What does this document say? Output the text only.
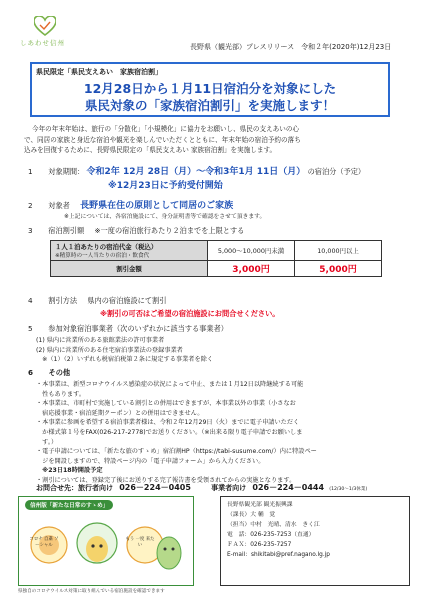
しあわせ信州	長野県（観光部）プレスリリース　令和２年(2020年)12月23日
県民限定「県民支えあい　家族宿泊割」
12月28日から１月11日宿泊分を対象にした
県民対象の「家族宿泊割引」を実施します！

今年の年末年始は、旅行の「分散化」「小規模化」に協力をお願いし、県民の支えあいの心

で、同居の家族と身近な宿泊や観光を楽しんでいただくとともに、年末年始の宿泊予約の落ち

込みを回復するために、長野県民限定の「県民支えあい 家族宿泊割」を実施します。

1 対象期間： 令和2年 12月 28日（月）～令和3年1月 11日（月） の宿泊分（予定）
※12月23日に予約受付開始
2 対象者 長野県在住の原則として同居のご家族
※上記については、各宿泊施設にて、身分証明書等で確認をさせて頂きます。
3 宿泊割引額 ※一度の宿泊旅行あたり２泊までを上限とする
１人１泊あたりの宿泊代金（税込）
※精算時の一人当たりの宿泊・飲食代	5,000～10,000円未満	10,000円以上
割引金額	3,000円	5,000円
4 割引方法 県内の宿泊施設にて割引
※割引の可否はご希望の宿泊施設にお問合せください。
5 参加対象宿泊事業者（次のいずれかに該当する事業者）
(1) 県内に営業所のある旅館業法の許可事業者
(2) 県内に営業所のある住宅宿泊事業法の登録事業者
　※（1）（2）いずれも税宿泊税第２条に規定する事業者を除く
6 その他
・本事業は、新型コロナウイルス感染症の状況によって中止、または１月12日以降継続する可能
　性もあります。
・本事業は、市町村で実施している割引との併用はできますが、本事業以外の事業（小さなお
　宿応援事業・宿泊延期クーポン）との併用はできません。
・本事業に参画を希望する宿泊事業者様は、令和２年12月29日（火）までに電子申請いただく
　か様式第１号をFAX(026-217-2778)でお送りください。（※出来る限り電子申請でお願いしま
　す。）
・電子申請については、「新たな旅のすゝめ」宿泊割HP（https://tabi-susume.com/）内に特設ペー
　ジを開設しますので、特設ページ内の「電子申請フォーム」から入力ください。
　※23日18時開設予定
・割引については、登録完了後にお送りする完了報告書を受領されてからの実施となります。
お問合せ先：旅行者向け 026－224－0405	事業者向け 026－224－0444 (12/30～1/3休業)
信州版「新たな日常のすゝめ」
コロナ 自粛 ソーシャル
もう 一度 来たい
県独自のコロナウイルス対策に取り組んでいる宿泊施設を確認できます
長野県観光部 観光振興課
（課長）大 輔　覚
（担当）中村　光晴、清水　きく江
電　話：026-235-7253（直通）
ＦＡＸ：026-235-7257
E-mail：shikitabi@pref.nagano.lg.jp
